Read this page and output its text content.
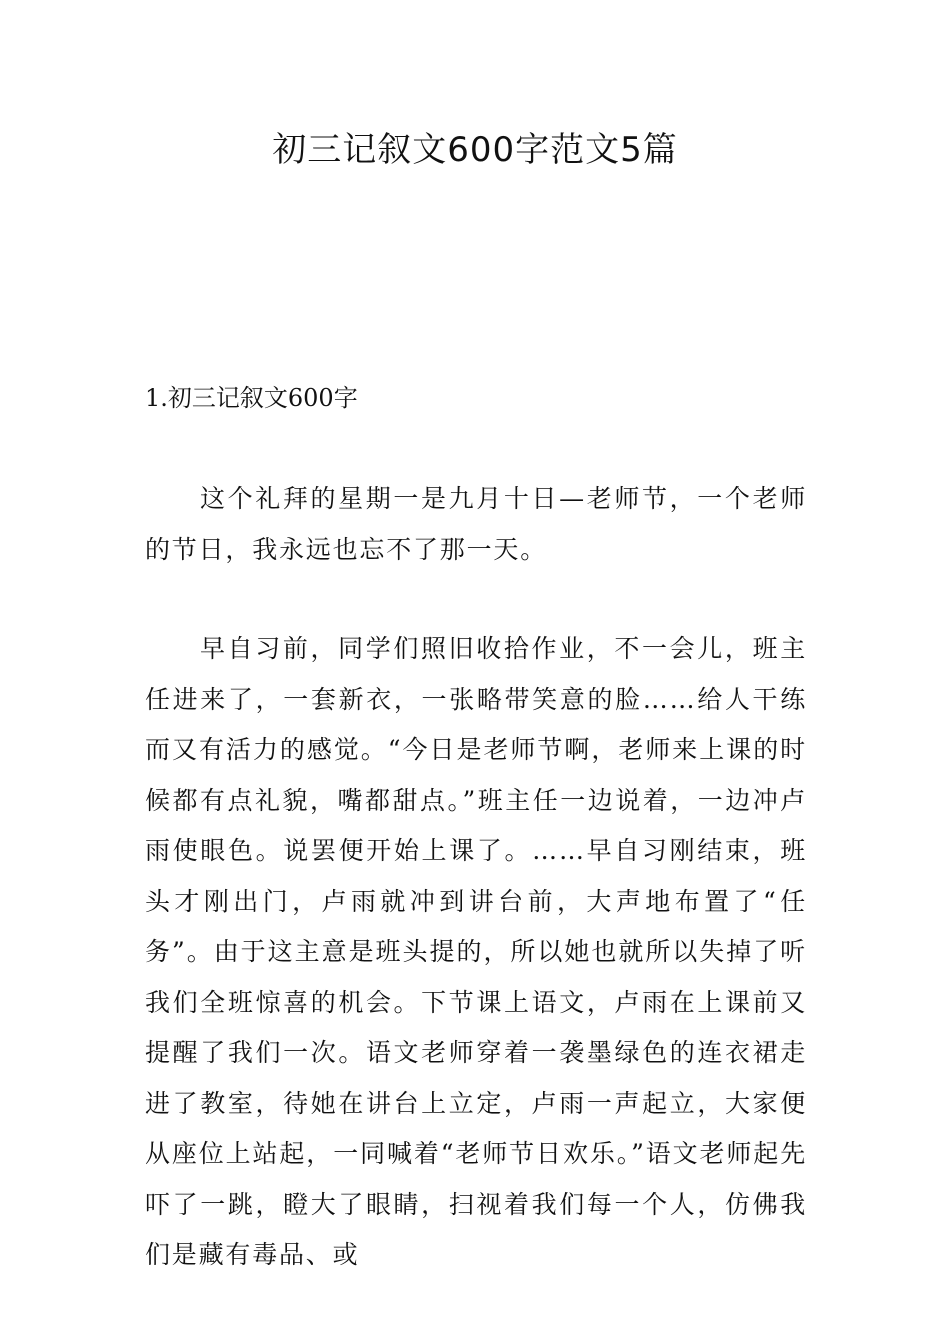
初三记叙文600字范文5篇
1.初三记叙文600字

这个礼拜的星期一是九月十日—老师节，一个老师的节日，我永远也忘不了那一天。

早自习前，同学们照旧收拾作业，不一会儿，班主任进来了，一套新衣，一张略带笑意的脸……给人干练而又有活力的感觉。“今日是老师节啊，老师来上课的时候都有点礼貌，嘴都甜点。”班主任一边说着，一边冲卢雨使眼色。说罢便开始上课了。……早自习刚结束，班头才刚出门，卢雨就冲到讲台前，大声地布置了“任务”。由于这主意是班头提的，所以她也就所以失掉了听我们全班惊喜的机会。下节课上语文，卢雨在上课前又提醒了我们一次。语文老师穿着一袭墨绿色的连衣裙走进了教室，待她在讲台上立定，卢雨一声起立，大家便从座位上站起，一同喊着“老师节日欢乐。”语文老师起先吓了一跳，瞪大了眼睛，扫视着我们每一个人，仿佛我们是藏有毒品、或
